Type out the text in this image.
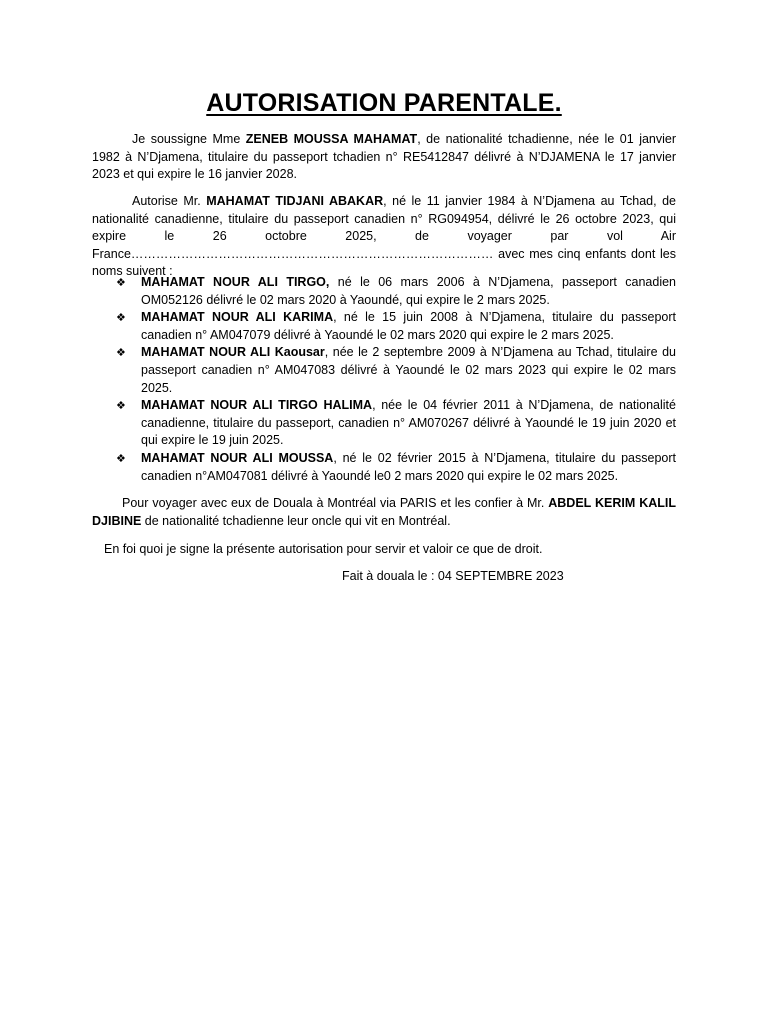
AUTORISATION PARENTALE.

Je soussigne Mme ZENEB MOUSSA MAHAMAT, de nationalité tchadienne, née le 01 janvier 1982 à N’Djamena, titulaire du passeport tchadien n° RE5412847 délivré à N’DJAMENA le 17 janvier 2023 et qui expire le 16 janvier 2028.

Autorise Mr. MAHAMAT TIDJANI ABAKAR, né le 11 janvier 1984 à N’Djamena au Tchad, de nationalité canadienne, titulaire du passeport canadien n° RG094954, délivré le 26 octobre 2023, qui expire le 26 octobre 2025, de voyager par vol Air France…………………………………………………………………………… avec mes cinq enfants dont les noms suivent :

❖ MAHAMAT NOUR ALI TIRGO, né le 06 mars 2006 à N’Djamena, passeport canadien OM052126 délivré le 02 mars 2020 à Yaoundé, qui expire le 2 mars 2025.
❖ MAHAMAT NOUR ALI KARIMA, né le 15 juin 2008 à N’Djamena, titulaire du passeport canadien n° AM047079 délivré à Yaoundé le 02 mars 2020 qui expire le 2 mars 2025.
❖ MAHAMAT NOUR ALI Kaousar, née le 2 septembre 2009 à N’Djamena au Tchad, titulaire du passeport canadien n° AM047083 délivré à Yaoundé le 02 mars 2023 qui expire le 02 mars 2025.
❖ MAHAMAT NOUR ALI TIRGO HALIMA, née le 04 février 2011 à N’Djamena, de nationalité canadienne, titulaire du passeport, canadien n° AM070267 délivré à Yaoundé le 19 juin 2020 et qui expire le 19 juin 2025.
❖ MAHAMAT NOUR ALI MOUSSA, né le 02 février 2015 à N’Djamena, titulaire du passeport canadien n°AM047081 délivré à Yaoundé le0 2 mars 2020 qui expire le 02 mars 2025.

Pour voyager avec eux de Douala à Montréal via PARIS et les confier à Mr. ABDEL KERIM KALIL DJIBINE de nationalité tchadienne leur oncle qui vit en Montréal.

En foi quoi je signe la présente autorisation pour servir et valoir ce que de droit.

Fait à douala le : 04 SEPTEMBRE 2023
